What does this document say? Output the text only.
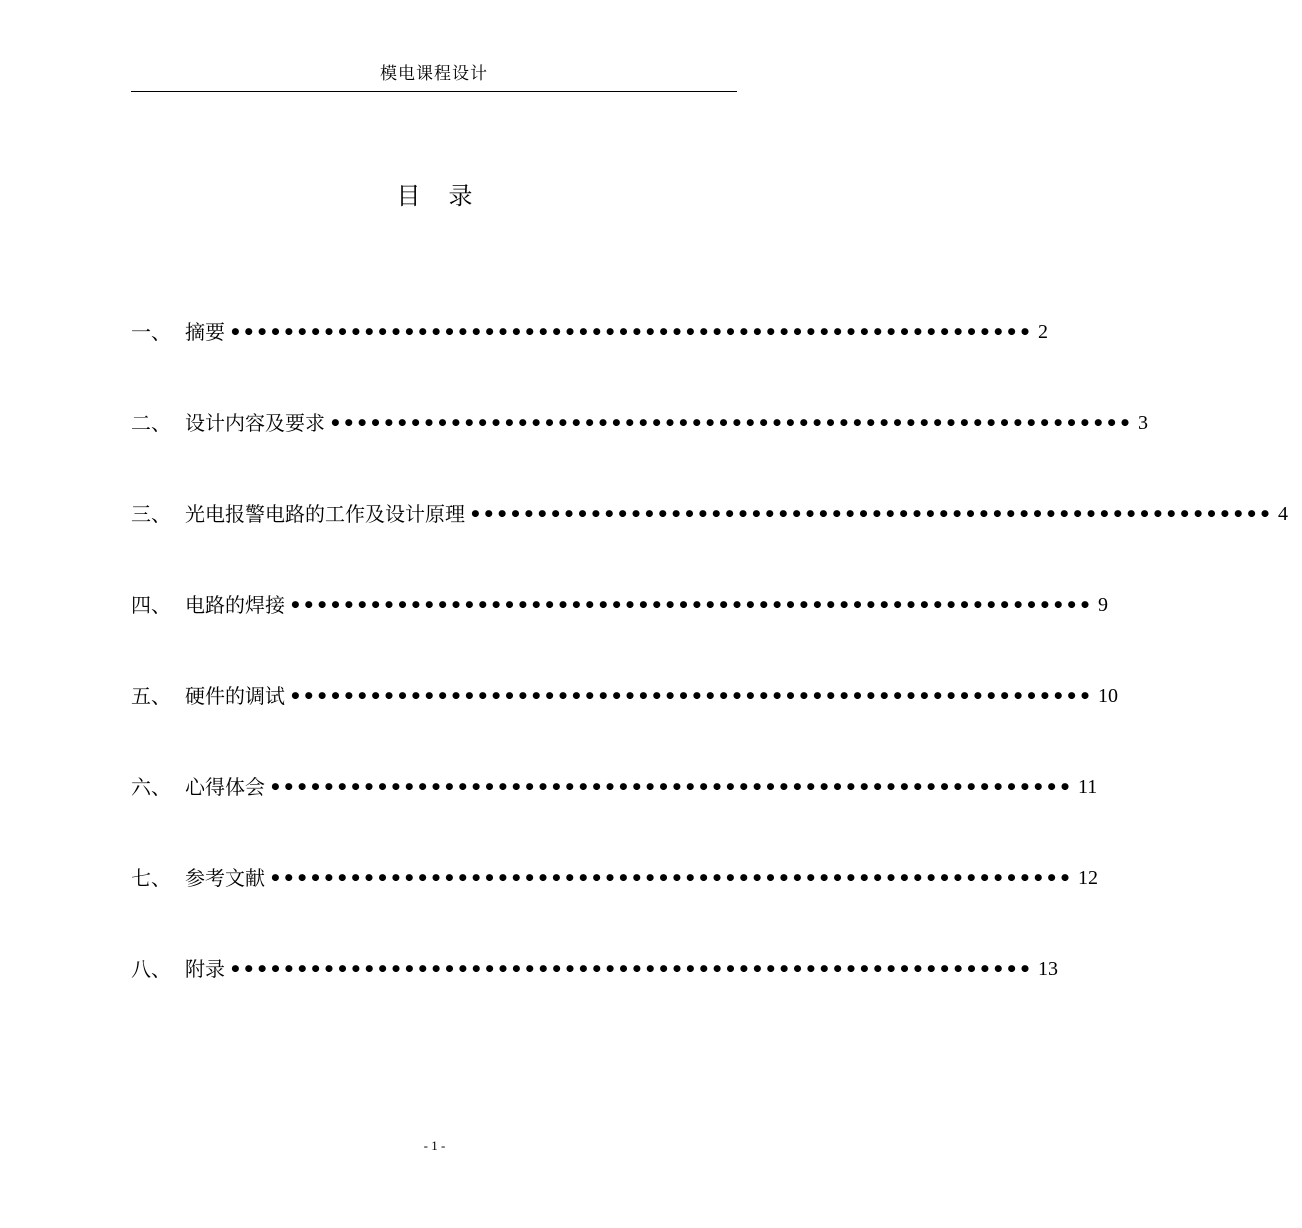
模电课程设计
目 录
一、 摘要 •••••••••••••••••••••••••••••••••••••••••••••••••••••••••••• 2
二、 设计内容及要求 •••••••••••••••••••••••••••••••••••••••••••••••••••••••••••• 3
三、 光电报警电路的工作及设计原理 •••••••••••••••••••••••••••••••••••••••••••••••••••••••••••• 4
四、 电路的焊接 •••••••••••••••••••••••••••••••••••••••••••••••••••••••••••• 9
五、 硬件的调试 •••••••••••••••••••••••••••••••••••••••••••••••••••••••••••• 10
六、 心得体会 •••••••••••••••••••••••••••••••••••••••••••••••••••••••••••• 11
七、 参考文献 •••••••••••••••••••••••••••••••••••••••••••••••••••••••••••• 12
八、 附录 •••••••••••••••••••••••••••••••••••••••••••••••••••••••••••• 13
- 1 -
